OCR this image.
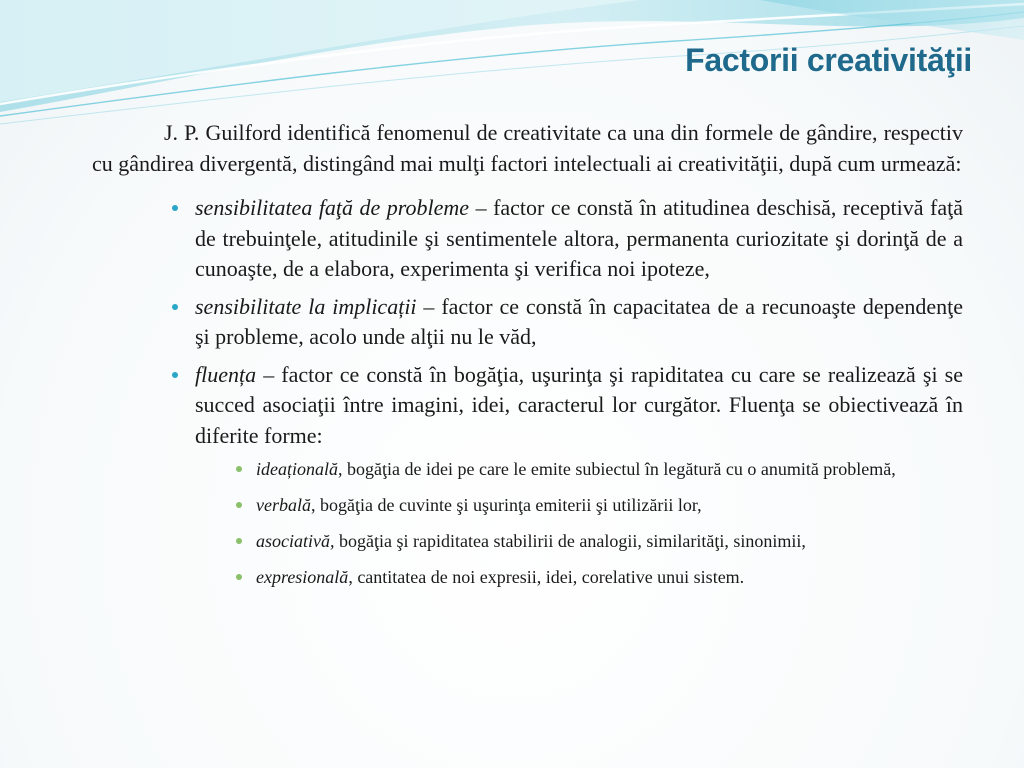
Factorii creativităţii

J. P. Guilford identifică fenomenul de creativitate ca una din formele de gândire, respectiv cu gândirea divergentă, distingând mai mulţi factori intelectuali ai creativităţii, după cum urmează:

sensibilitatea faţă de probleme – factor ce constă în atitudinea deschisă, receptivă faţă de trebuinţele, atitudinile şi sentimentele altora, permanenta curiozitate şi dorinţă de a cunoaşte, de a elabora, experimenta şi verifica noi ipoteze,
sensibilitate la implicații – factor ce constă în capacitatea de a recunoaşte dependenţe şi probleme, acolo unde alţii nu le văd,
fluența – factor ce constă în bogăţia, uşurinţa şi rapiditatea cu care se realizează şi se succed asociaţii între imagini, idei, caracterul lor curgător. Fluenţa se obiectivează în diferite forme:
ideațională, bogăţia de idei pe care le emite subiectul în legătură cu o anumită problemă,
verbală, bogăţia de cuvinte şi uşurinţa emiterii şi utilizării lor,
asociativă, bogăţia şi rapiditatea stabilirii de analogii, similarităţi, sinonimii,
expresională, cantitatea de noi expresii, idei, corelative unui sistem.
